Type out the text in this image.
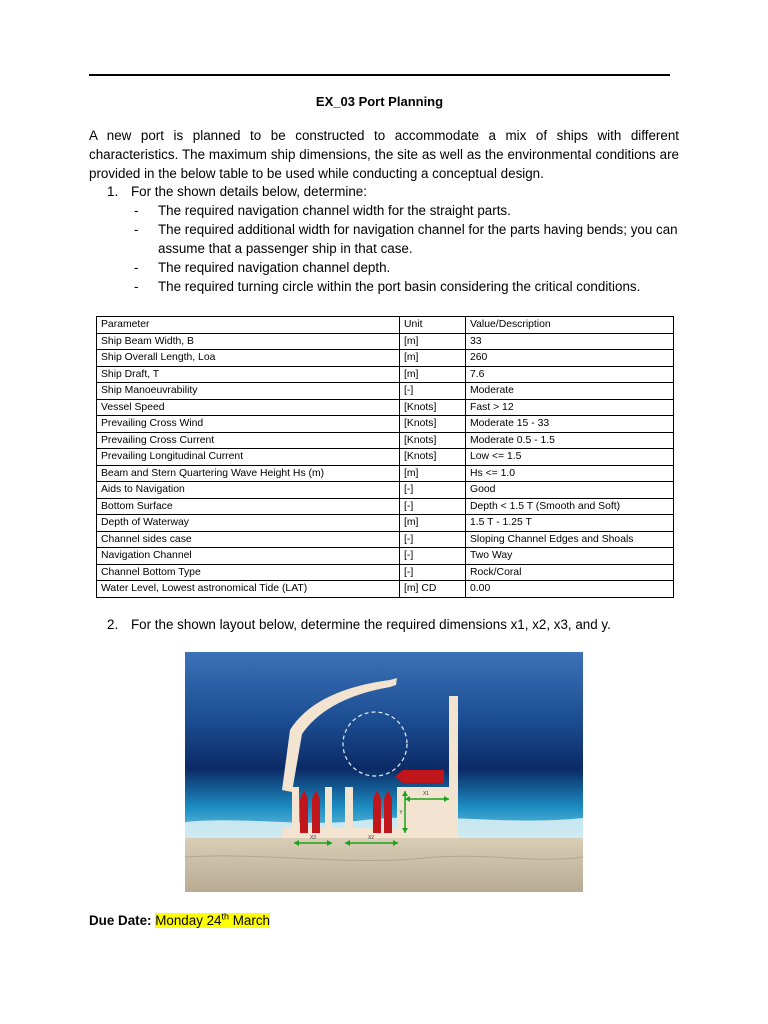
EX_03 Port Planning
A new port is planned to be constructed to accommodate a mix of ships with different characteristics. The maximum ship dimensions, the site as well as the environmental conditions are provided in the below table to be used while conducting a conceptual design.
1. For the shown details below, determine:
- The required navigation channel width for the straight parts.
- The required additional width for navigation channel for the parts having bends; you can assume that a passenger ship in that case.
- The required navigation channel depth.
- The required turning circle within the port basin considering the critical conditions.
Parameter	Unit	Value/Description
Ship Beam Width, B	[m]	33
Ship Overall Length, Loa	[m]	260
Ship Draft, T	[m]	7.6
Ship Manoeuvrability	[-]	Moderate
Vessel Speed	[Knots]	Fast > 12
Prevailing Cross Wind	[Knots]	Moderate 15 - 33
Prevailing Cross Current	[Knots]	Moderate 0.5 - 1.5
Prevailing Longitudinal Current	[Knots]	Low <= 1.5
Beam and Stern Quartering Wave Height Hs (m)	[m]	Hs <= 1.0
Aids to Navigation	[-]	Good
Bottom Surface	[-]	Depth < 1.5 T (Smooth and Soft)
Depth of Waterway	[m]	1.5 T - 1.25 T
Channel sides case	[-]	Sloping Channel Edges and Shoals
Navigation Channel	[-]	Two Way
Channel Bottom Type	[-]	Rock/Coral
Water Level, Lowest astronomical Tide (LAT)	[m] CD	0.00
2. For the shown layout below, determine the required dimensions x1, x2, x3, and y.
X1
X2
X3
Y
Due Date: Monday 24th March
